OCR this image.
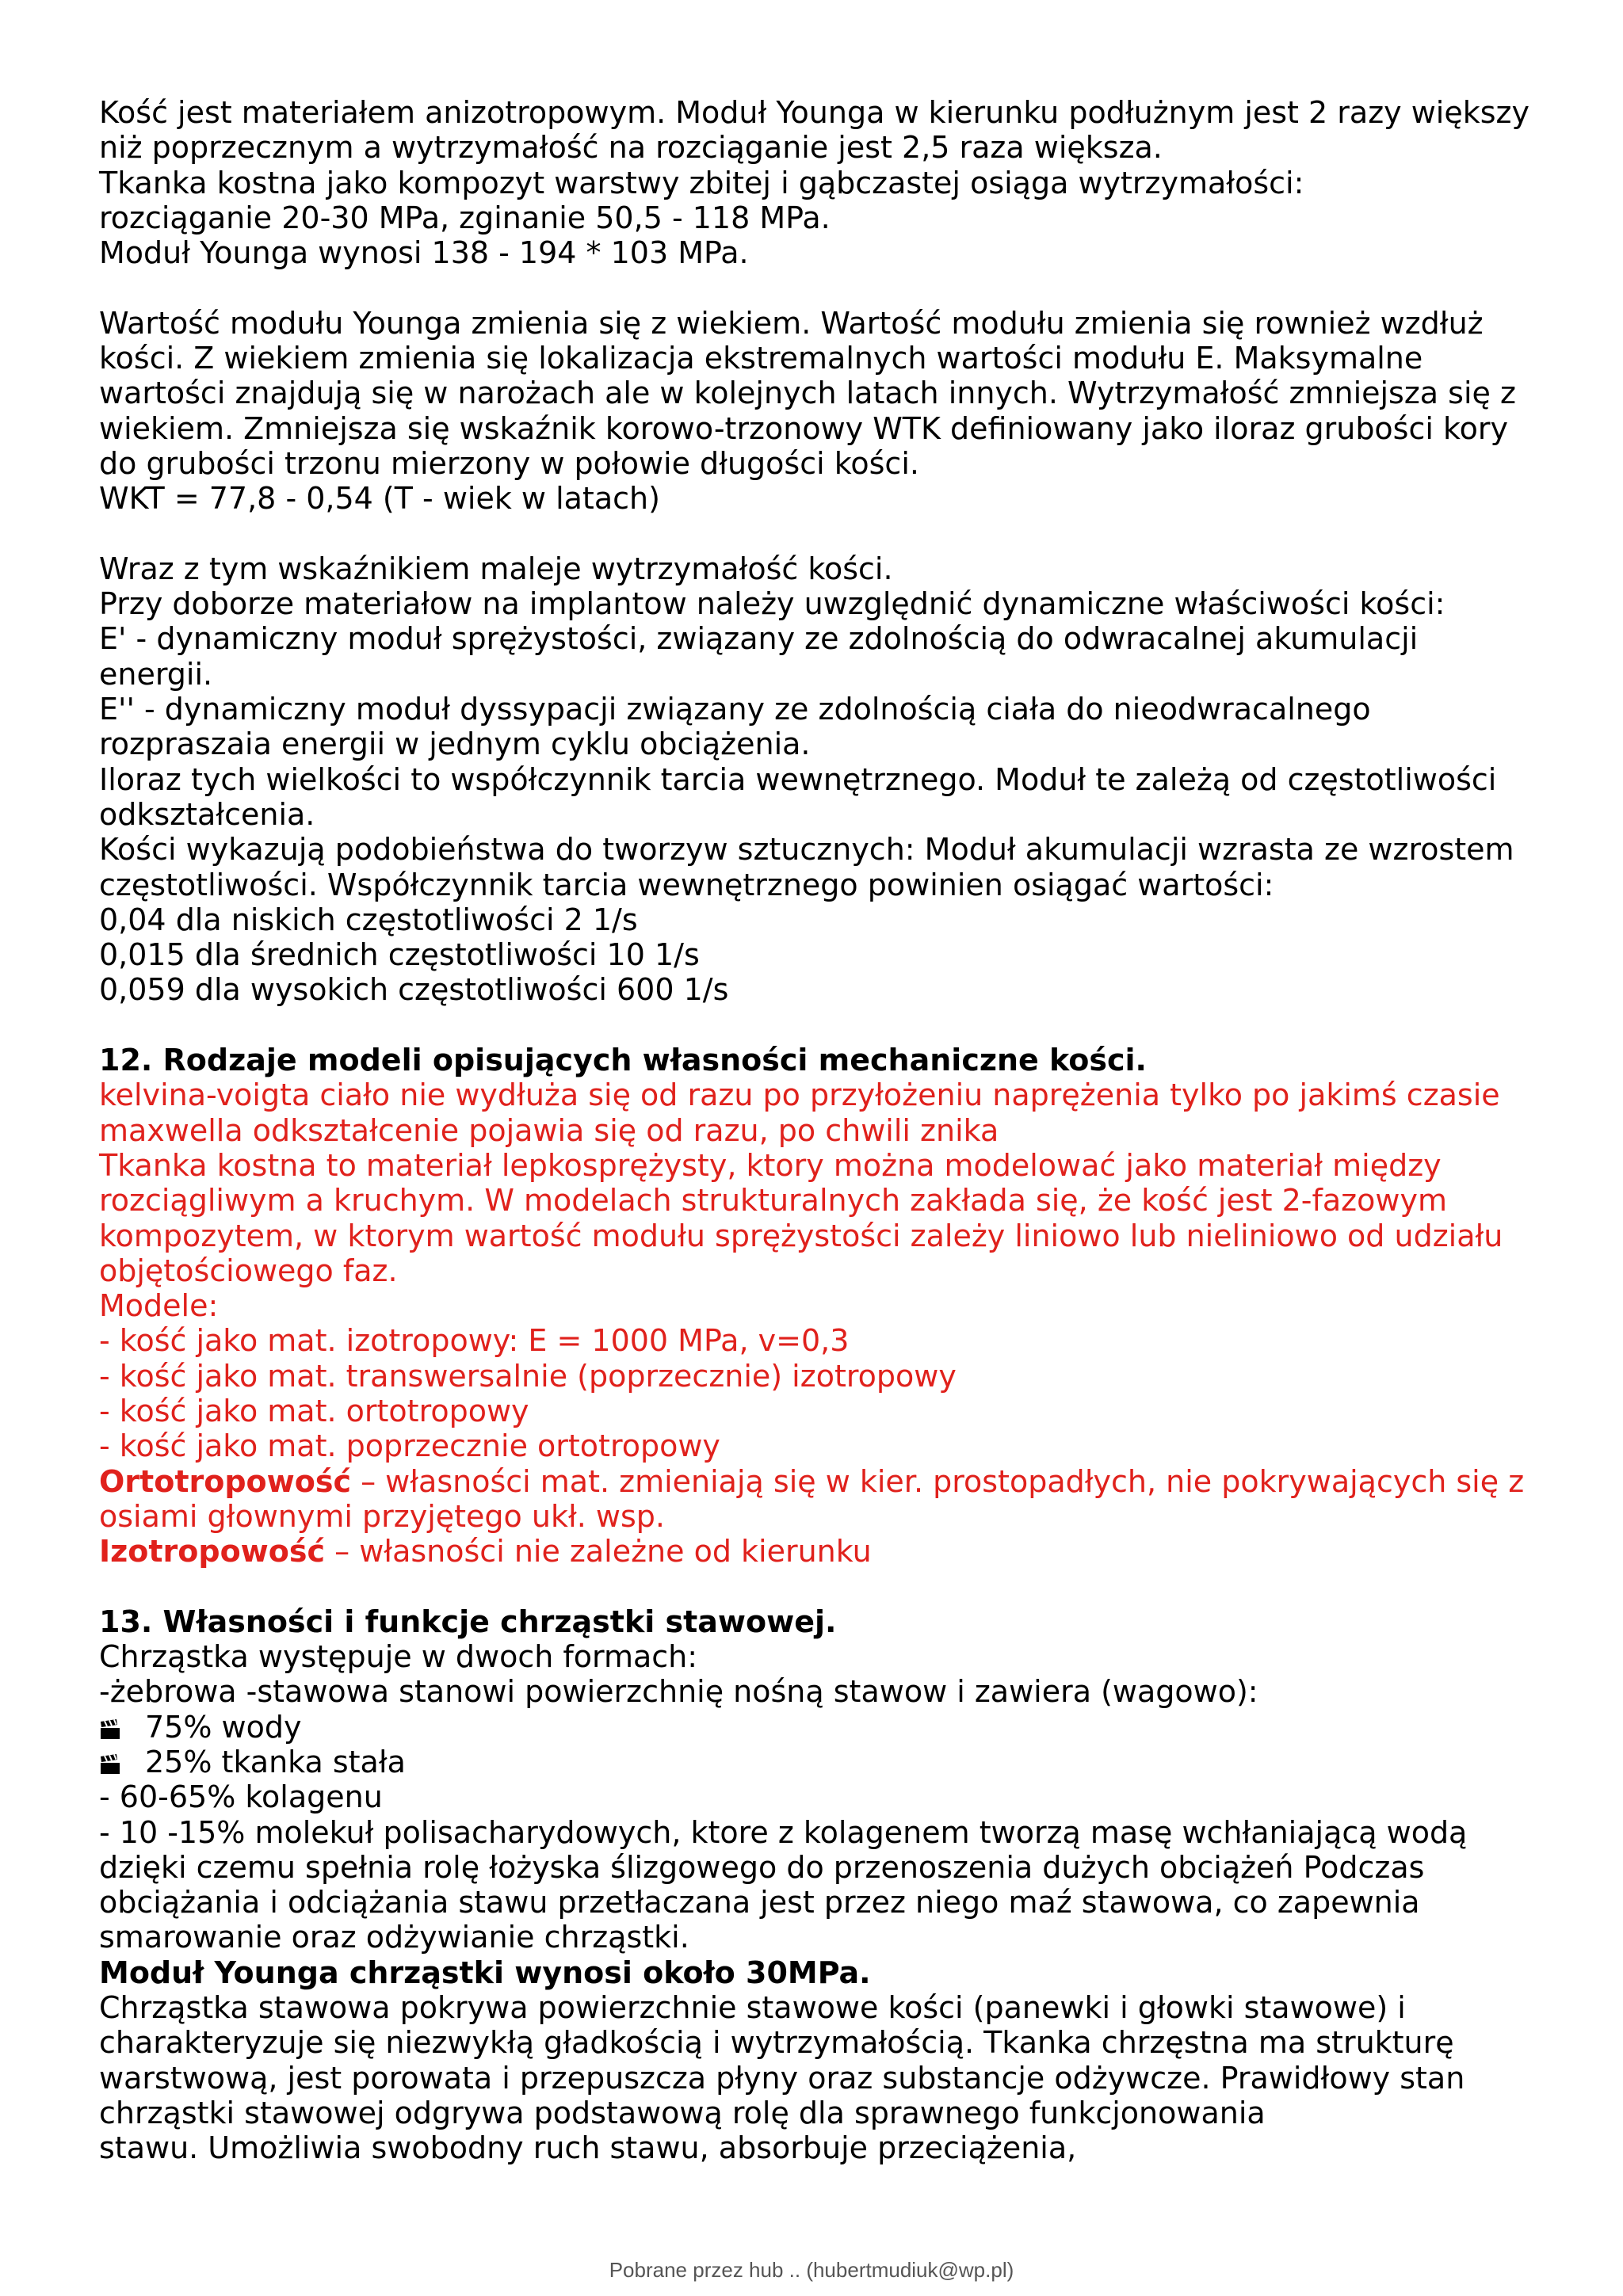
Kość jest materiałem anizotropowym. Moduł Younga w kierunku podłużnym jest 2 razy większy

niż poprzecznym a wytrzymałość na rozciąganie jest 2,5 raza większa.

Tkanka kostna jako kompozyt warstwy zbitej i gąbczastej osiąga wytrzymałości:

rozciąganie 20-30 MPa, zginanie 50,5 - 118 MPa.

Moduł Younga wynosi 138 - 194 * 103 MPa.

Wartość modułu Younga zmienia się z wiekiem. Wartość modułu zmienia się rownież wzdłuż

kości. Z wiekiem zmienia się lokalizacja ekstremalnych wartości modułu E. Maksymalne

wartości znajdują się w narożach ale w kolejnych latach innych. Wytrzymałość zmniejsza się z

wiekiem. Zmniejsza się wskaźnik korowo-trzonowy WTK definiowany jako iloraz grubości kory

do grubości trzonu mierzony w połowie długości kości.

WKT = 77,8 - 0,54 (T - wiek w latach)

Wraz z tym wskaźnikiem maleje wytrzymałość kości.

Przy doborze materiałow na implantow należy uwzględnić dynamiczne właściwości kości:

E' - dynamiczny moduł sprężystości, związany ze zdolnością do odwracalnej akumulacji

energii.

E'' - dynamiczny moduł dyssypacji związany ze zdolnością ciała do nieodwracalnego

rozpraszaia energii w jednym cyklu obciążenia.

Iloraz tych wielkości to współczynnik tarcia wewnętrznego. Moduł te zależą od częstotliwości

odkształcenia.

Kości wykazują podobieństwa do tworzyw sztucznych: Moduł akumulacji wzrasta ze wzrostem

częstotliwości. Współczynnik tarcia wewnętrznego powinien osiągać wartości:

0,04 dla niskich częstotliwości 2 1/s

0,015 dla średnich częstotliwości 10 1/s

0,059 dla wysokich częstotliwości 600 1/s

12. Rodzaje modeli opisujących własności mechaniczne kości.

kelvina-voigta ciało nie wydłuża się od razu po przyłożeniu naprężenia tylko po jakimś czasie

maxwella odkształcenie pojawia się od razu, po chwili znika

Tkanka kostna to materiał lepkosprężysty, ktory można modelować jako materiał między

rozciągliwym a kruchym. W modelach strukturalnych zakłada się, że kość jest 2-fazowym

kompozytem, w ktorym wartość modułu sprężystości zależy liniowo lub nieliniowo od udziału

objętościowego faz.

Modele:

- kość jako mat. izotropowy: E = 1000 MPa, v=0,3

- kość jako mat. transwersalnie (poprzecznie) izotropowy

- kość jako mat. ortotropowy

- kość jako mat. poprzecznie ortotropowy

Ortotropowość – własności mat. zmieniają się w kier. prostopadłych, nie pokrywających się z

osiami głownymi przyjętego ukł. wsp.

Izotropowość – własności nie zależne od kierunku

13. Własności i funkcje chrząstki stawowej.

Chrząstka występuje w dwoch formach:

-żebrowa -stawowa stanowi powierzchnię nośną stawow i zawiera (wagowo):

75% wody

25% tkanka stała

- 60-65% kolagenu

- 10 -15% molekuł polisacharydowych, ktore z kolagenem tworzą masę wchłaniającą wodą

dzięki czemu spełnia rolę łożyska ślizgowego do przenoszenia dużych obciążeń Podczas

obciążania i odciążania stawu przetłaczana jest przez niego maź stawowa, co zapewnia

smarowanie oraz odżywianie chrząstki.

Moduł Younga chrząstki wynosi około 30MPa.

Chrząstka stawowa pokrywa powierzchnie stawowe kości (panewki i głowki stawowe) i

charakteryzuje się niezwykłą gładkością i wytrzymałością. Tkanka chrzęstna ma strukturę

warstwową, jest porowata i przepuszcza płyny oraz substancje odżywcze. Prawidłowy stan

chrząstki stawowej odgrywa podstawową rolę dla sprawnego funkcjonowania

stawu. Umożliwia swobodny ruch stawu, absorbuje przeciążenia,

Pobrane przez hub .. (hubertmudiuk@wp.pl)
